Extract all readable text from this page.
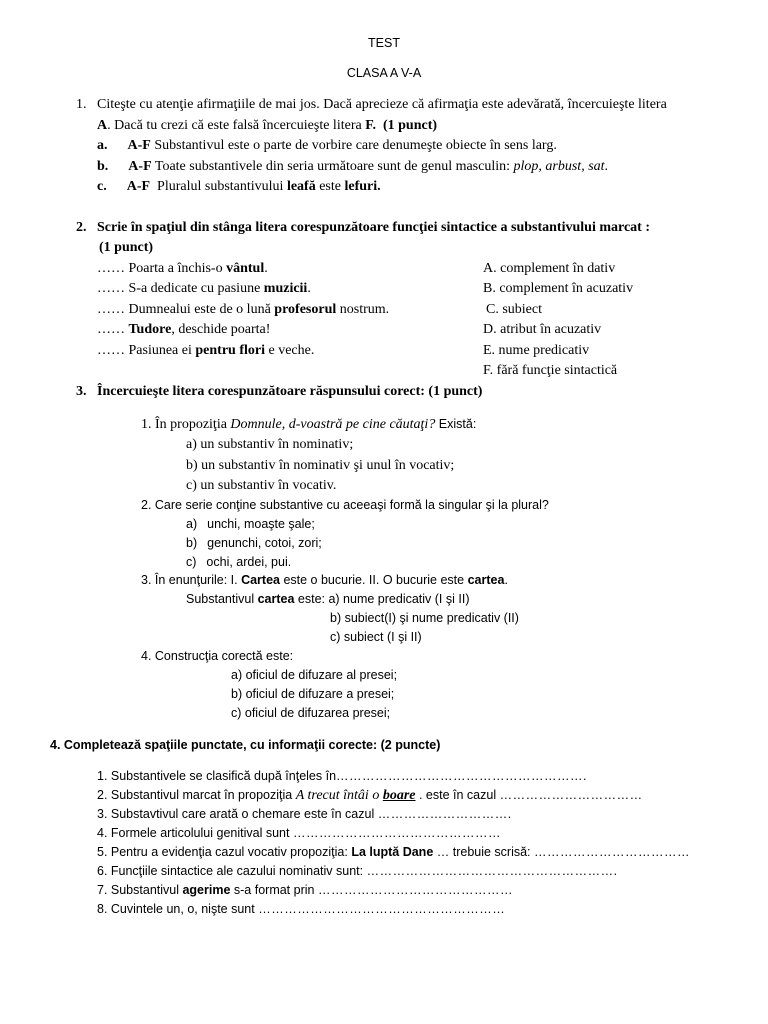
TEST
CLASA A V-A
1. Citeşte cu atenţie afirmaţiile de mai jos. Dacă aprecieze că afirmaţia este adevărată, încercuieşte litera
A. Dacă tu crezi că este falsă încercuieşte litera F. (1 punct)
a. A-F Substantivul este o parte de vorbire care denumeşte obiecte în sens larg.
b. A-F Toate substantivele din seria următoare sunt de genul masculin: plop, arbust, sat.
c. A-F Pluralul substantivului leafă este lefuri.
2. Scrie în spaţiul din stânga litera corespunzătoare funcţiei sintactice a substantivului marcat :
(1 punct)
…… Poarta a închis-o vântul.
…… S-a dedicate cu pasiune muzicii.
…… Dumnealui este de o lună profesorul nostrum.
…… Tudore, deschide poarta!
…… Pasiunea ei pentru flori e veche.
A. complement în dativ
B. complement în acuzativ
C. subiect
D. atribut în acuzativ
E. nume predicativ
F. fără funcţie sintactică
3. Încercuieşte litera corespunzătoare răspunsului corect: (1 punct)
1. În propoziţia Domnule, d-voastră pe cine căutaţi? Există:
a) un substantiv în nominativ;
b) un substantiv în nominativ şi unul în vocativ;
c) un substantiv în vocativ.
2. Care serie conţine substantive cu aceeaşi formă la singular şi la plural?
a) unchi, moaşte şale;
b) genunchi, cotoi, zori;
c) ochi, ardei, pui.
3. În enunţurile: I. Cartea este o bucurie. II. O bucurie este cartea.
Substantivul cartea este: a) nume predicativ (I şi II)
b) subiect(I) şi nume predicativ (II)
c) subiect (I şi II)
4. Construcţia corectă este:
a) oficiul de difuzare al presei;
b) oficiul de difuzare a presei;
c) oficiul de difuzarea presei;
4. Completează spaţiile punctate, cu informaţii corecte: (2 puncte)
1. Substantivele se clasifică după înţeles în………………………………………………….
2. Substantivul marcat în propoziţia A trecut întâi o boare . este în cazul ……………………………
3. Substavtivul care arată o chemare este în cazul ………………………….
4. Formele articolului genitival sunt …………………………………………
5. Pentru a evidenţia cazul vocativ propoziţia: La luptă Dane … trebuie scrisă: ………………………………
6. Funcţiile sintactice ale cazului nominativ sunt: ………………………………………………….
7. Substantivul agerime s-a format prin ………………………………………
8. Cuvintele un, o, nişte sunt …………………………………………………
